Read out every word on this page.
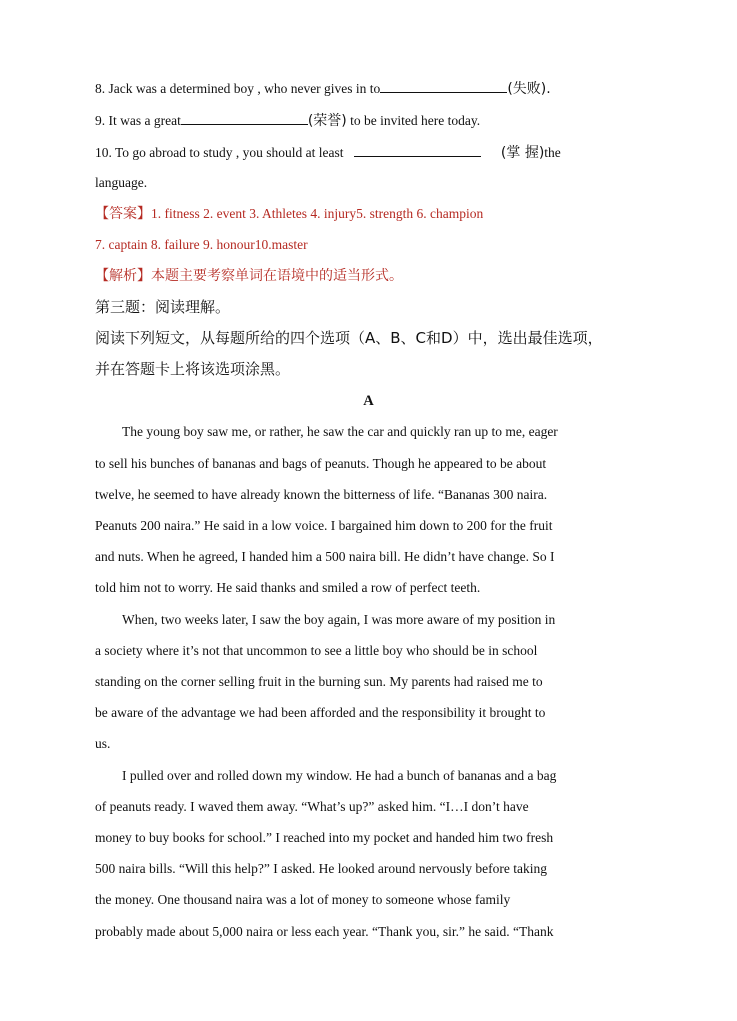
8. Jack was a determined boy , who never gives in to	(失败).
9. It was a great	(荣誉) to be invited here today.
10. To go abroad to study , you should at least	(掌 握)the
language.
【答案】1. fitness 2. event 3. Athletes 4. injury5. strength 6. champion
7. captain 8. failure 9. honour10.master
【解析】本题主要考察单词在语境中的适当形式。
第三题：阅读理解。
阅读下列短文，从每题所给的四个选项（A、B、C和D）中，选出最佳选项，
并在答题卡上将该选项涂黑。
A
The young boy saw me, or rather, he saw the car and quickly ran up to me, eager
to sell his bunches of bananas and bags of peanuts. Though he appeared to be about
twelve, he seemed to have already known the bitterness of life. “Bananas 300 naira.
Peanuts 200 naira.” He said in a low voice. I bargained him down to 200 for the fruit
and nuts. When he agreed, I handed him a 500 naira bill. He didn’t have change. So I
told him not to worry. He said thanks and smiled a row of perfect teeth.
When, two weeks later, I saw the boy again, I was more aware of my position in
a society where it’s not that uncommon to see a little boy who should be in school
standing on the corner selling fruit in the burning sun. My parents had raised me to
be aware of the advantage we had been afforded and the responsibility it brought to
us.
I pulled over and rolled down my window. He had a bunch of bananas and a bag
of peanuts ready. I waved them away. “What’s up?” asked him. “I…I don’t have
money to buy books for school.” I reached into my pocket and handed him two fresh
500 naira bills. “Will this help?” I asked. He looked around nervously before taking
the money. One thousand naira was a lot of money to someone whose family
probably made about 5,000 naira or less each year. “Thank you, sir.” he said. “Thank
